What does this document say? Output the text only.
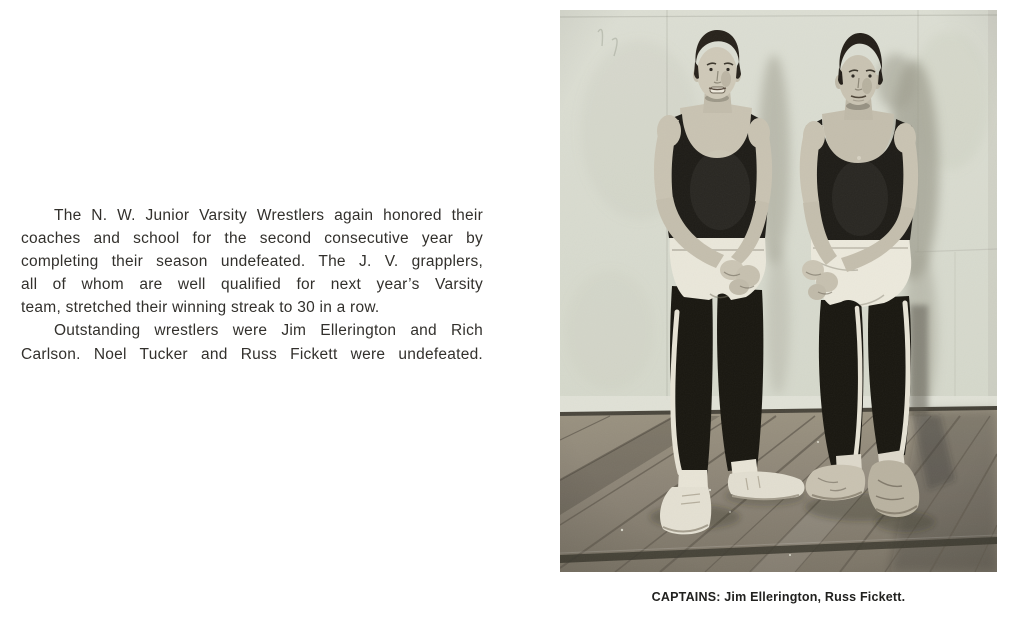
The N. W. Junior Varsity Wrestlers again honored their
coaches and school for the second consecutive year by
completing their season undefeated. The J. V. grapplers,
all of whom are well qualified for next year’s Varsity
team, stretched their winning streak to 30 in a row.
Outstanding wrestlers were Jim Ellerington and Rich
Carlson. Noel Tucker and Russ Fickett were undefeated.
CAPTAINS: Jim Ellerington, Russ Fickett.
